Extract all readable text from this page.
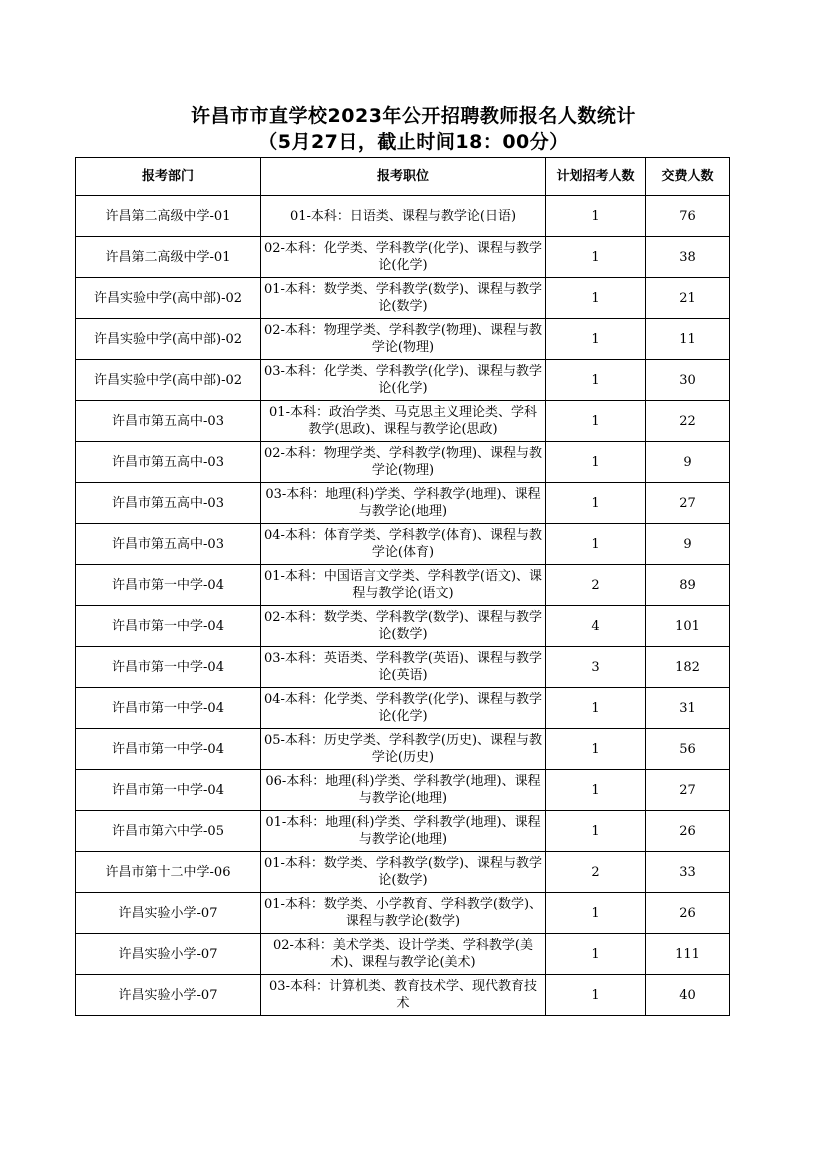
许昌市市直学校2023年公开招聘教师报名人数统计
（5月27日，截止时间18：00分）
报考部门	报考职位	计划招考人数	交费人数
许昌第二高级中学-01	01-本科：日语类、课程与教学论(日语)	1	76
许昌第二高级中学-01	02-本科：化学类、学科教学(化学)、课程与教学论(化学)	1	38
许昌实验中学(高中部)-02	01-本科：数学类、学科教学(数学)、课程与教学论(数学)	1	21
许昌实验中学(高中部)-02	02-本科：物理学类、学科教学(物理)、课程与教学论(物理)	1	11
许昌实验中学(高中部)-02	03-本科：化学类、学科教学(化学)、课程与教学论(化学)	1	30
许昌市第五高中-03	01-本科：政治学类、马克思主义理论类、学科教学(思政)、课程与教学论(思政)	1	22
许昌市第五高中-03	02-本科：物理学类、学科教学(物理)、课程与教学论(物理)	1	9
许昌市第五高中-03	03-本科：地理(科)学类、学科教学(地理)、课程与教学论(地理)	1	27
许昌市第五高中-03	04-本科：体育学类、学科教学(体育)、课程与教学论(体育)	1	9
许昌市第一中学-04	01-本科：中国语言文学类、学科教学(语文)、课程与教学论(语文)	2	89
许昌市第一中学-04	02-本科：数学类、学科教学(数学)、课程与教学论(数学)	4	101
许昌市第一中学-04	03-本科：英语类、学科教学(英语)、课程与教学论(英语)	3	182
许昌市第一中学-04	04-本科：化学类、学科教学(化学)、课程与教学论(化学)	1	31
许昌市第一中学-04	05-本科：历史学类、学科教学(历史)、课程与教学论(历史)	1	56
许昌市第一中学-04	06-本科：地理(科)学类、学科教学(地理)、课程与教学论(地理)	1	27
许昌市第六中学-05	01-本科：地理(科)学类、学科教学(地理)、课程与教学论(地理)	1	26
许昌市第十二中学-06	01-本科：数学类、学科教学(数学)、课程与教学论(数学)	2	33
许昌实验小学-07	01-本科：数学类、小学教育、学科教学(数学)、课程与教学论(数学)	1	26
许昌实验小学-07	02-本科：美术学类、设计学类、学科教学(美术)、课程与教学论(美术)	1	111
许昌实验小学-07	03-本科：计算机类、教育技术学、现代教育技术	1	40
